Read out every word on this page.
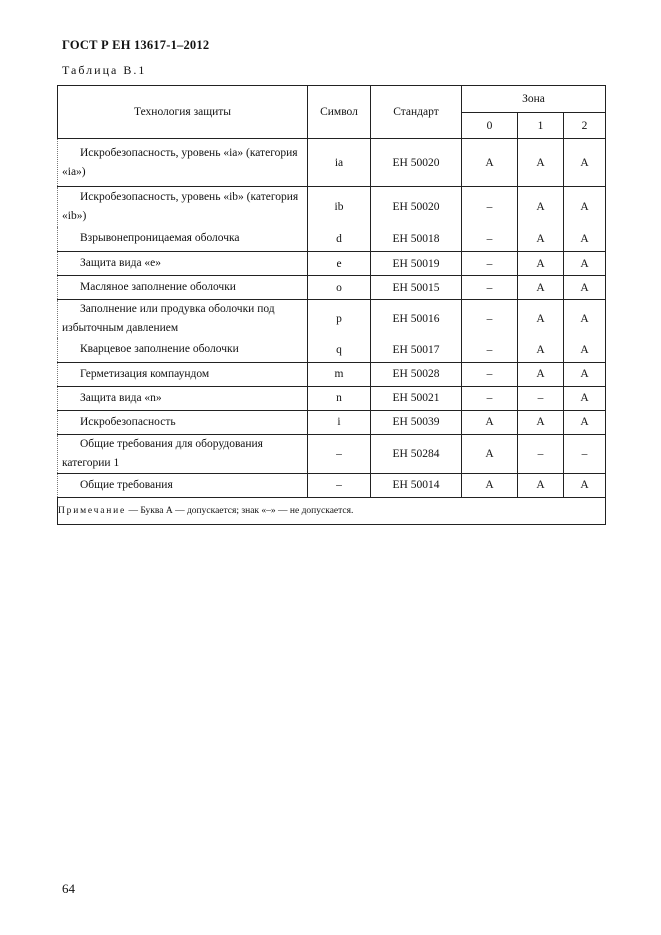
ГОСТ Р ЕН 13617-1–2012
Таблица В.1
Технология защиты	Символ	Стандарт	Зона		
			0	1	2

Искробезопасность, уровень «ia» (категория «ia»)	ia	ЕН 50020	A	A	A

Искробезопасность, уровень «ib» (категория «ib»)	ib	ЕН 50020	–	A	A

Взрывонепроницаемая оболочка	d	ЕН 50018	–	A	A

Защита вида «е»	e	ЕН 50019	–	A	A

Масляное заполнение оболочки	o	ЕН 50015	–	A	A

Заполнение или продувка оболочки под избыточным давлением	p	ЕН 50016	–	A	A

Кварцевое заполнение оболочки	q	ЕН 50017	–	A	A

Герметизация компаундом	m	ЕН 50028	–	A	A

Защита вида «n»	n	ЕН 50021	–	–	A

Искробезопасность	i	ЕН 50039	A	A	A

Общие требования для оборудования категории 1	–	ЕН 50284	A	–	–

Общие требования	–	ЕН 50014	A	A	A
Примечание — Буква А — допускается; знак «–» — не допускается.					
64
